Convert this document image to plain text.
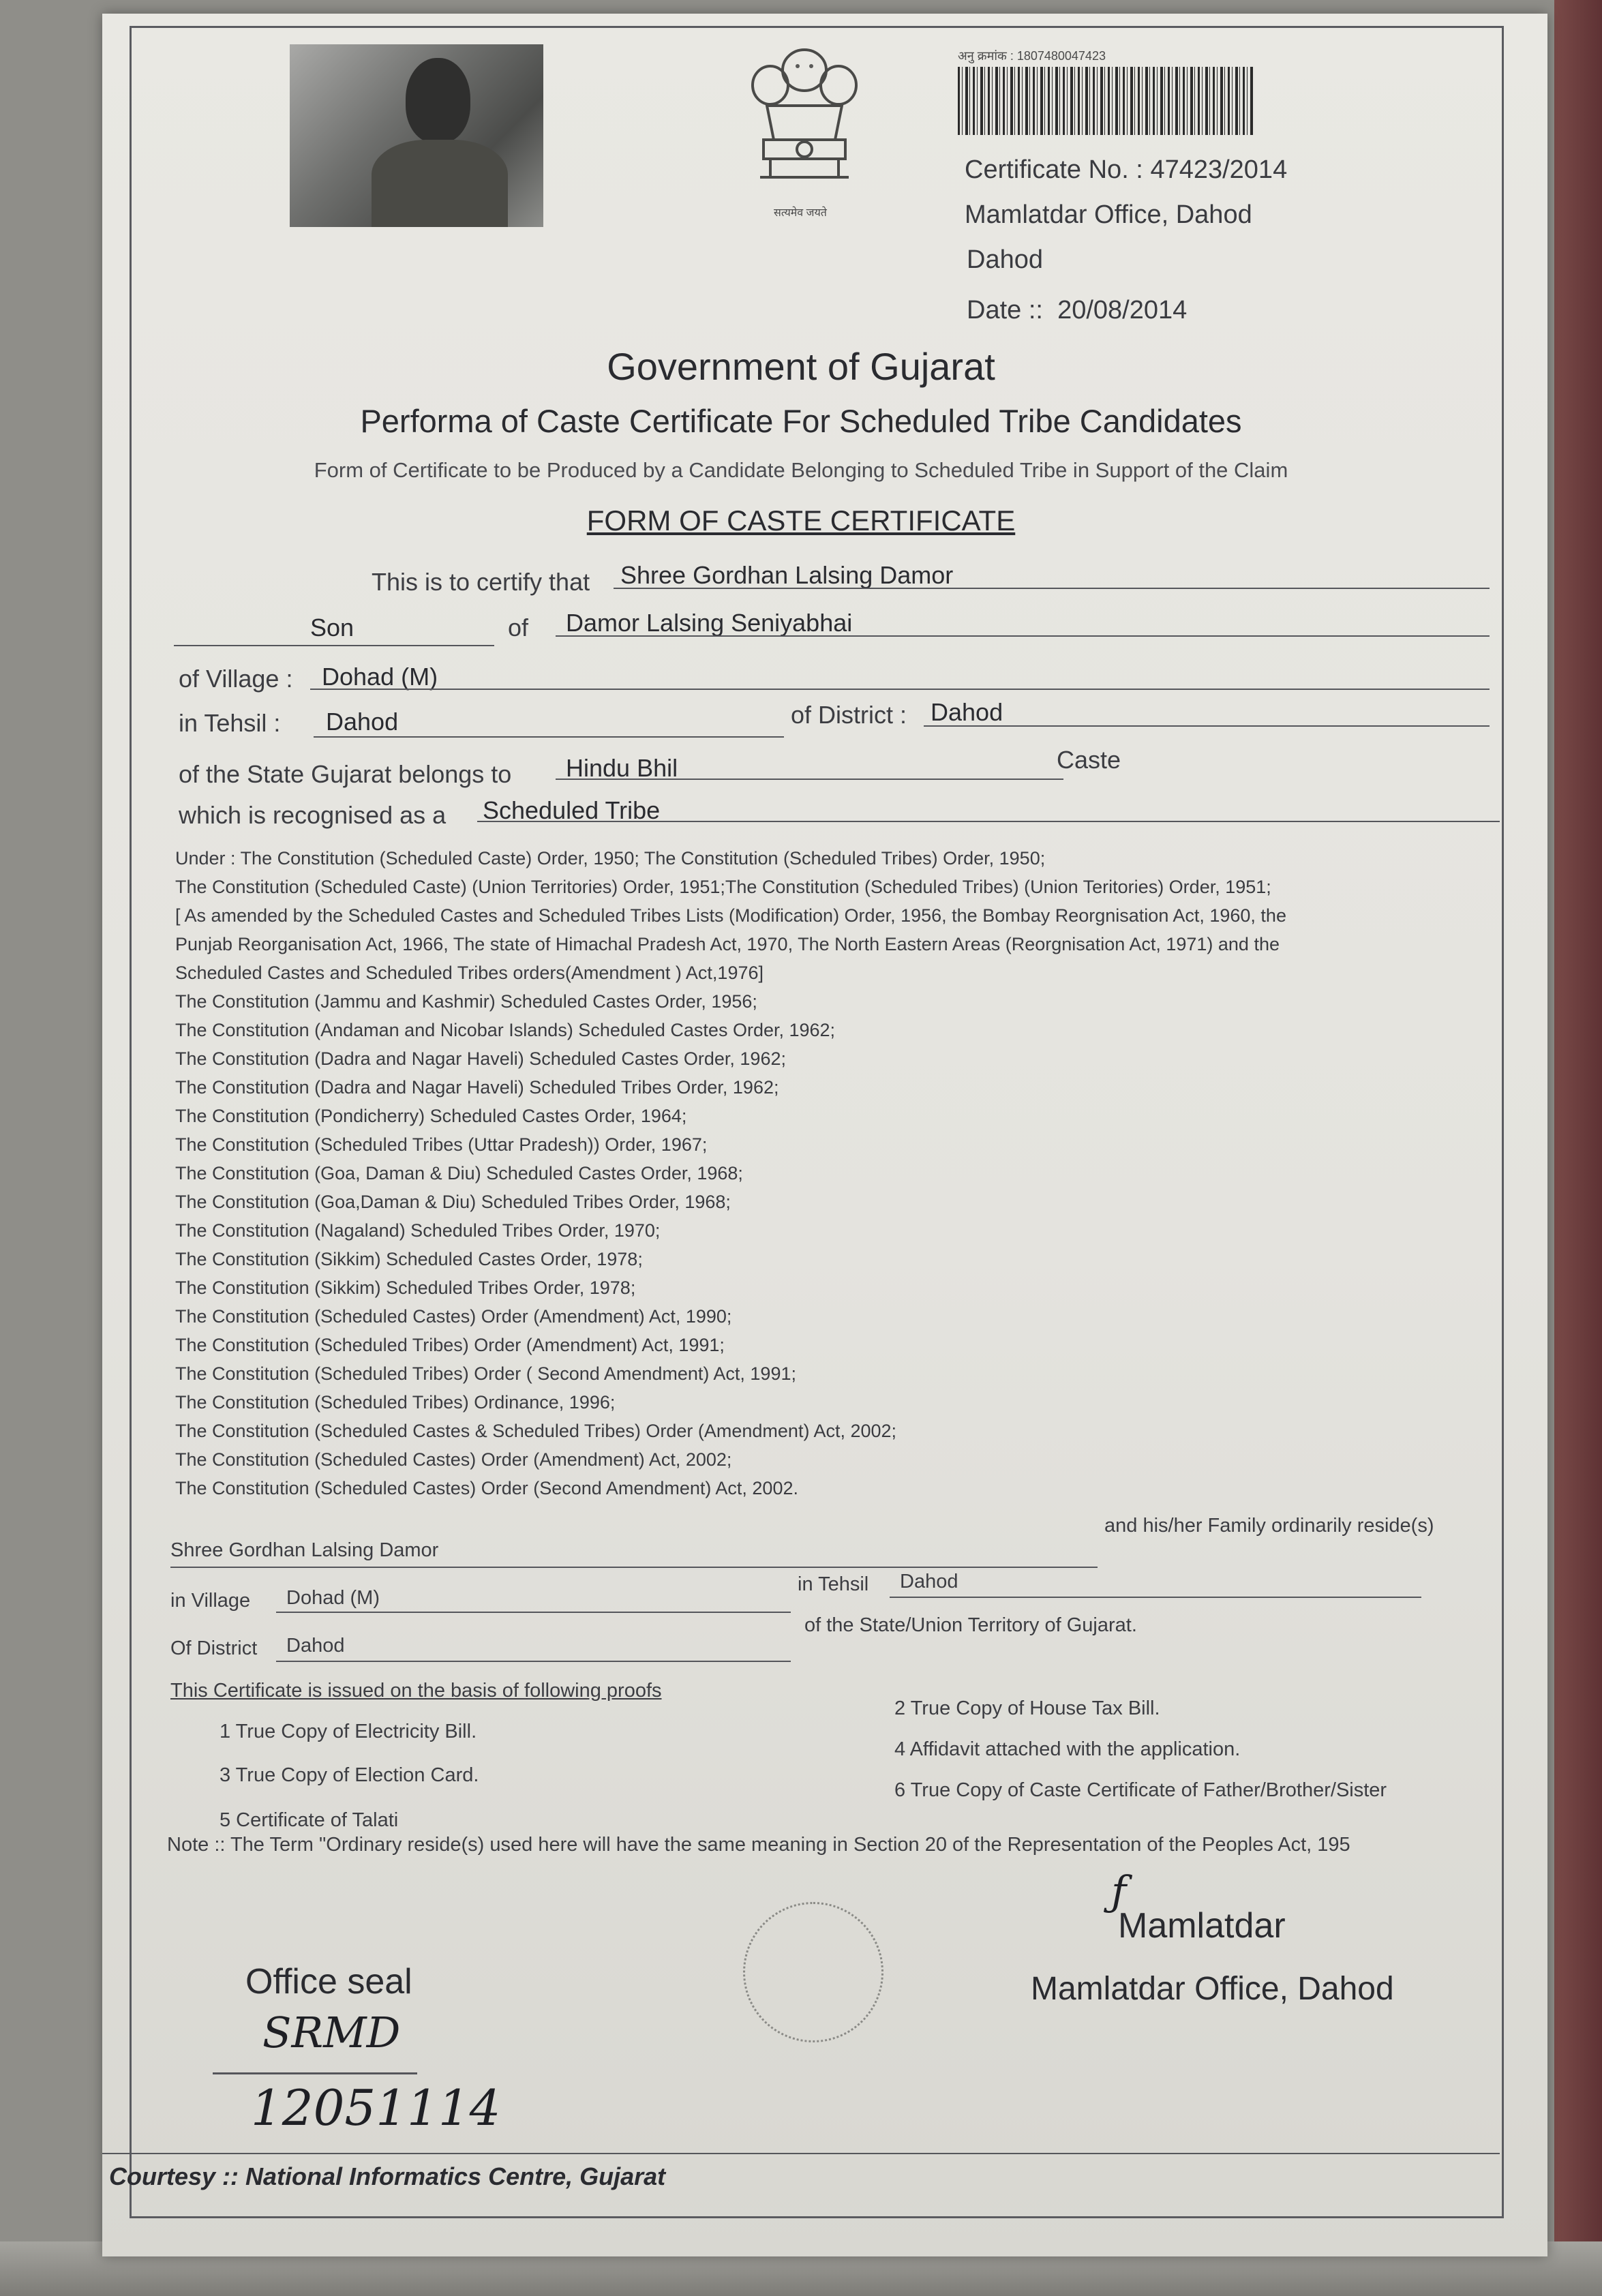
सत्यमेव जयते
अनु क्रमांक : 1807480047423
Certificate No. : 47423/2014
Mamlatdar Office, Dahod
Dahod
Date :: 20/08/2014
Government of Gujarat
Performa of Caste Certificate For Scheduled Tribe Candidates
Form of Certificate to be Produced by a Candidate Belonging to Scheduled Tribe in Support of the Claim
FORM OF CASTE CERTIFICATE
This is to certify that Shree Gordhan Lalsing Damor
Son	of Damor Lalsing Seniyabhai
of Village : Dohad (M)
in Tehsil : Dahod	of District : Dahod
of the State Gujarat belongs to Hindu Bhil	Caste
which is recognised as a Scheduled Tribe
Under : The Constitution (Scheduled Caste) Order, 1950; The Constitution (Scheduled Tribes) Order, 1950;
The Constitution (Scheduled Caste) (Union Territories) Order, 1951;The Constitution (Scheduled Tribes) (Union Teritories) Order, 1951;
[ As amended by the Scheduled Castes and Scheduled Tribes Lists (Modification) Order, 1956, the Bombay Reorgnisation Act, 1960, the
Punjab Reorganisation Act, 1966, The state of Himachal Pradesh Act, 1970, The North Eastern Areas (Reorgnisation Act, 1971) and the
Scheduled Castes and Scheduled Tribes orders(Amendment ) Act,1976]
The Constitution (Jammu and Kashmir) Scheduled Castes Order, 1956;
The Constitution (Andaman and Nicobar Islands) Scheduled Castes Order, 1962;
The Constitution (Dadra and Nagar Haveli) Scheduled Castes Order, 1962;
The Constitution (Dadra and Nagar Haveli) Scheduled Tribes Order, 1962;
The Constitution (Pondicherry) Scheduled Castes Order, 1964;
The Constitution (Scheduled Tribes (Uttar Pradesh)) Order, 1967;
The Constitution (Goa, Daman & Diu) Scheduled Castes Order, 1968;
The Constitution (Goa,Daman & Diu) Scheduled Tribes Order, 1968;
The Constitution (Nagaland) Scheduled Tribes Order, 1970;
The Constitution (Sikkim) Scheduled Castes Order, 1978;
The Constitution (Sikkim) Scheduled Tribes Order, 1978;
The Constitution (Scheduled Castes) Order (Amendment) Act, 1990;
The Constitution (Scheduled Tribes) Order (Amendment) Act, 1991;
The Constitution (Scheduled Tribes) Order ( Second Amendment) Act, 1991;
The Constitution (Scheduled Tribes) Ordinance, 1996;
The Constitution (Scheduled Castes & Scheduled Tribes) Order (Amendment) Act, 2002;
The Constitution (Scheduled Castes) Order (Amendment) Act, 2002;
The Constitution (Scheduled Castes) Order (Second Amendment) Act, 2002.
Shree Gordhan Lalsing Damor
and his/her Family ordinarily reside(s)
in Village Dohad (M)
in Tehsil Dahod
Of District Dahod
of the State/Union Territory of Gujarat.
This Certificate is issued on the basis of following proofs
2 True Copy of House Tax Bill.
1 True Copy of Electricity Bill.
4 Affidavit attached with the application.
3 True Copy of Election Card.
6 True Copy of Caste Certificate of Father/Brother/Sister
5 Certificate of Talati
Note :: The Term "Ordinary reside(s) used here will have the same meaning in Section 20 of the Representation of the Peoples Act, 195
ƒ
Mamlatdar
Mamlatdar Office, Dahod
Office seal
SRMD
12051114
Courtesy :: National Informatics Centre, Gujarat
